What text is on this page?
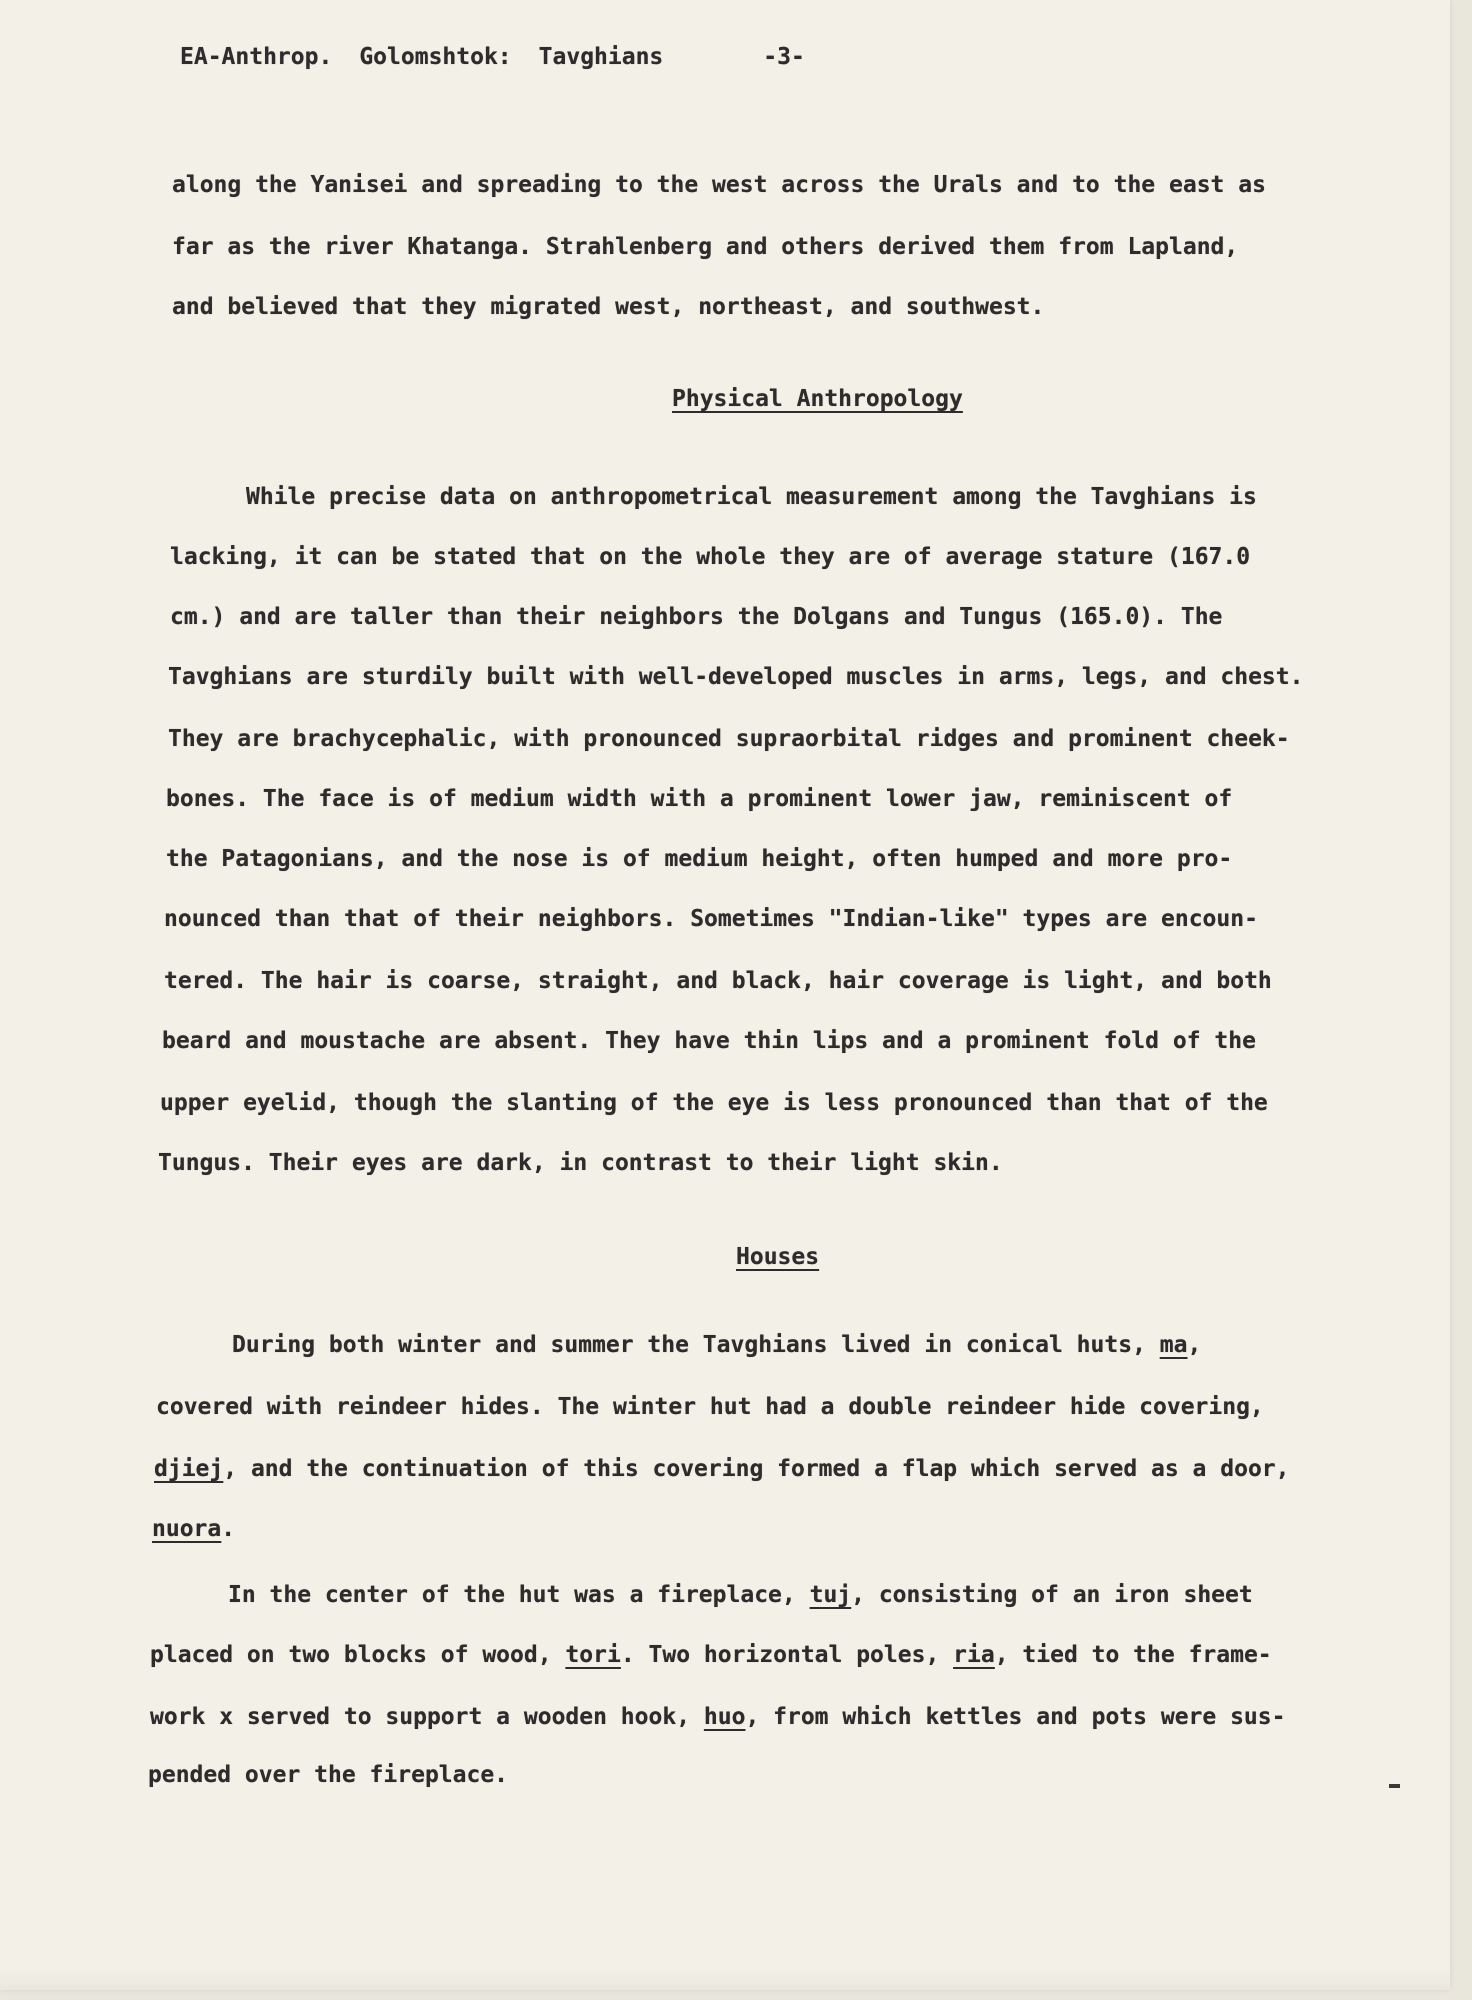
EA-Anthrop. Golomshtok: Tavghians	-3-
along the Yanisei and spreading to the west across the Urals and to the east as
far as the river Khatanga. Strahlenberg and others derived them from Lapland,
and believed that they migrated west, northeast, and southwest.
Physical Anthropology
While precise data on anthropometrical measurement among the Tavghians is
lacking, it can be stated that on the whole they are of average stature (167.0
cm.) and are taller than their neighbors the Dolgans and Tungus (165.0). The
Tavghians are sturdily built with well-developed muscles in arms, legs, and chest.
They are brachycephalic, with pronounced supraorbital ridges and prominent cheek-
bones. The face is of medium width with a prominent lower jaw, reminiscent of
the Patagonians, and the nose is of medium height, often humped and more pro-
nounced than that of their neighbors. Sometimes "Indian-like" types are encoun-
tered. The hair is coarse, straight, and black, hair coverage is light, and both
beard and moustache are absent. They have thin lips and a prominent fold of the
upper eyelid, though the slanting of the eye is less pronounced than that of the
Tungus. Their eyes are dark, in contrast to their light skin.
Houses
During both winter and summer the Tavghians lived in conical huts, ma,
covered with reindeer hides. The winter hut had a double reindeer hide covering,
djiej, and the continuation of this covering formed a flap which served as a door,
nuora.
In the center of the hut was a fireplace, tuj, consisting of an iron sheet
placed on two blocks of wood, tori. Two horizontal poles, ria, tied to the frame-
work x served to support a wooden hook, huo, from which kettles and pots were sus-
pended over the fireplace.
